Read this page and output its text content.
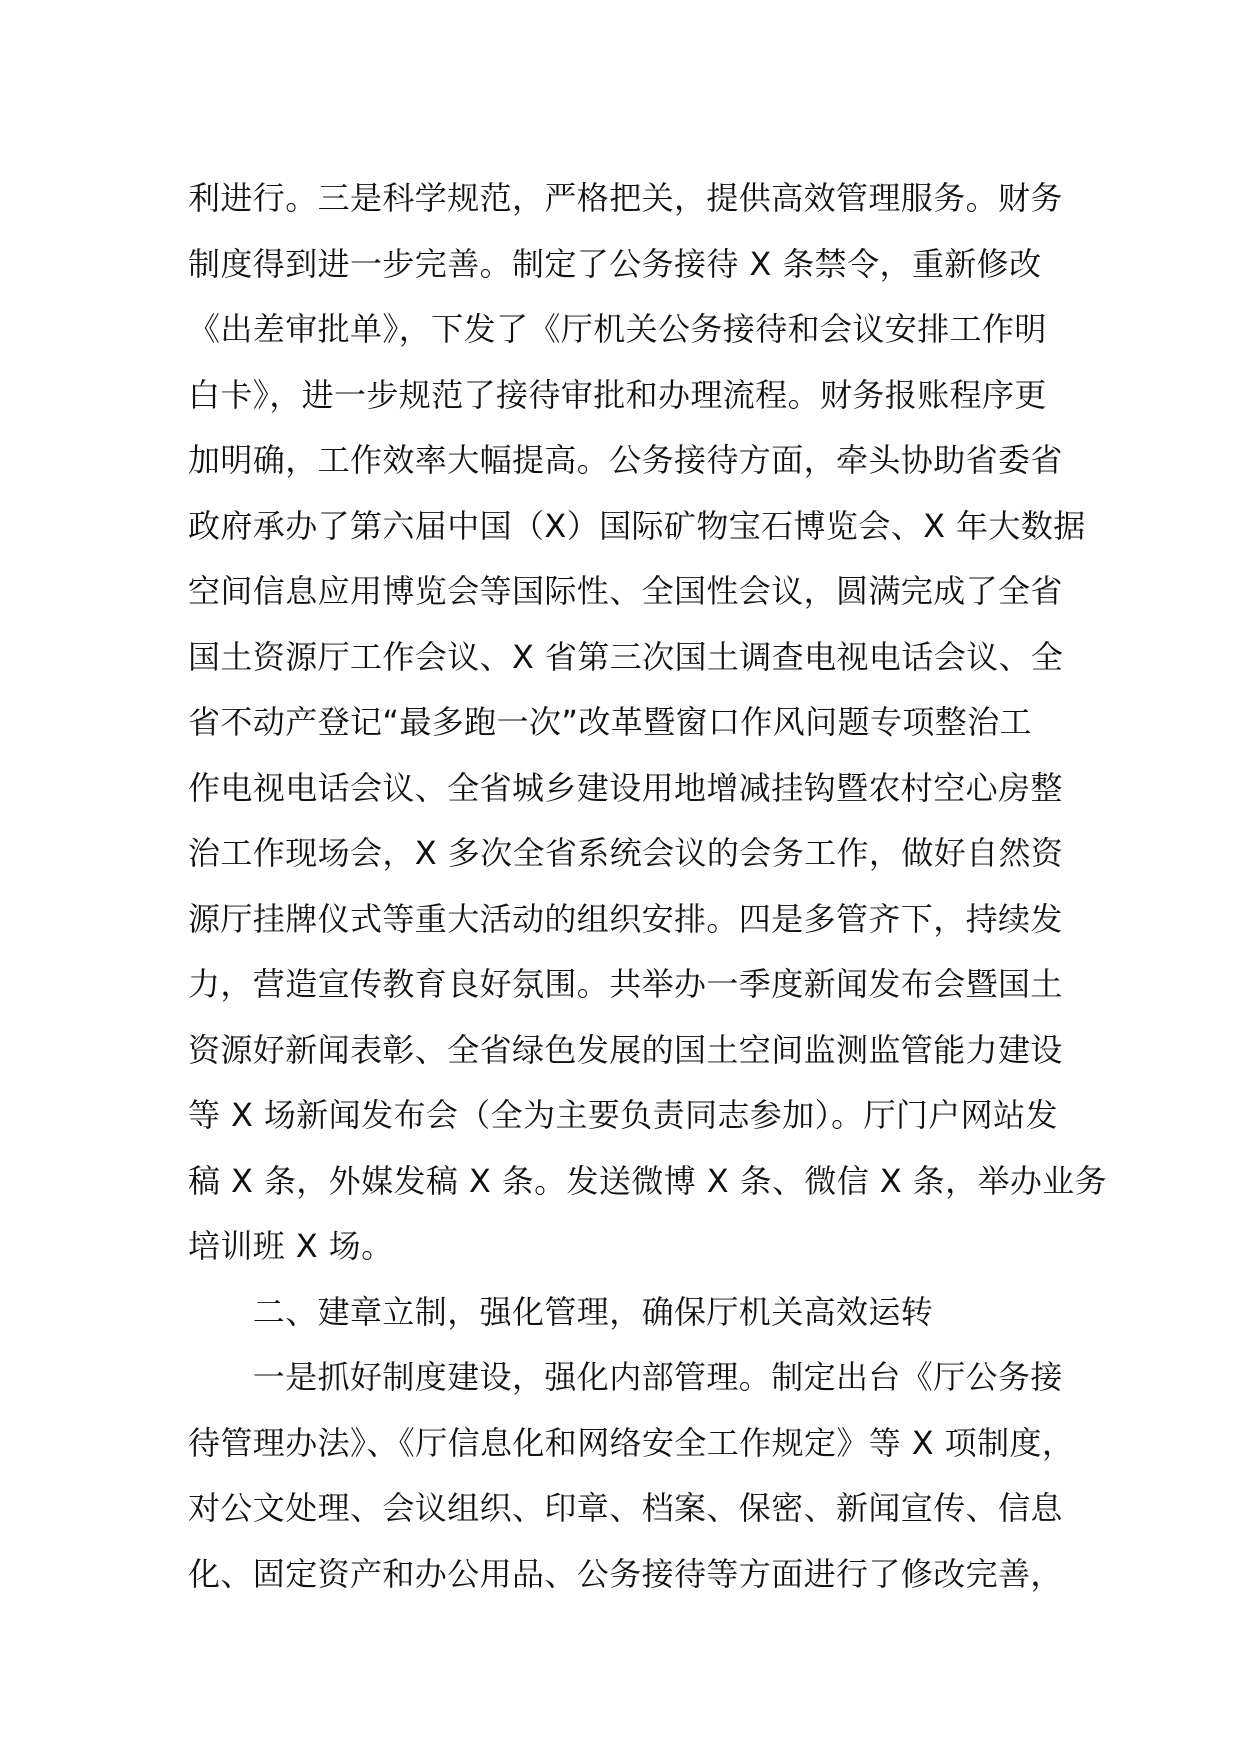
利进行。三是科学规范，严格把关，提供高效管理服务。财务
制度得到进一步完善。制定了公务接待 X 条禁令，重新修改
《出差审批单》，下发了《厅机关公务接待和会议安排工作明
白卡》，进一步规范了接待审批和办理流程。财务报账程序更
加明确，工作效率大幅提高。公务接待方面，牵头协助省委省
政府承办了第六届中国（X）国际矿物宝石博览会、X 年大数据
空间信息应用博览会等国际性、全国性会议，圆满完成了全省
国土资源厅工作会议、X 省第三次国土调查电视电话会议、全
省不动产登记“最多跑一次”改革暨窗口作风问题专项整治工
作电视电话会议、全省城乡建设用地增减挂钩暨农村空心房整
治工作现场会，X 多次全省系统会议的会务工作，做好自然资
源厅挂牌仪式等重大活动的组织安排。四是多管齐下，持续发
力，营造宣传教育良好氛围。共举办一季度新闻发布会暨国土
资源好新闻表彰、全省绿色发展的国土空间监测监管能力建设
等 X 场新闻发布会（全为主要负责同志参加）。厅门户网站发
稿 X 条，外媒发稿 X 条。发送微博 X 条、微信 X 条，举办业务
培训班 X 场。
　　二、建章立制，强化管理，确保厅机关高效运转
　　一是抓好制度建设，强化内部管理。制定出台《厅公务接
待管理办法》、《厅信息化和网络安全工作规定》等 X 项制度，
对公文处理、会议组织、印章、档案、保密、新闻宣传、信息
化、固定资产和办公用品、公务接待等方面进行了修改完善，
